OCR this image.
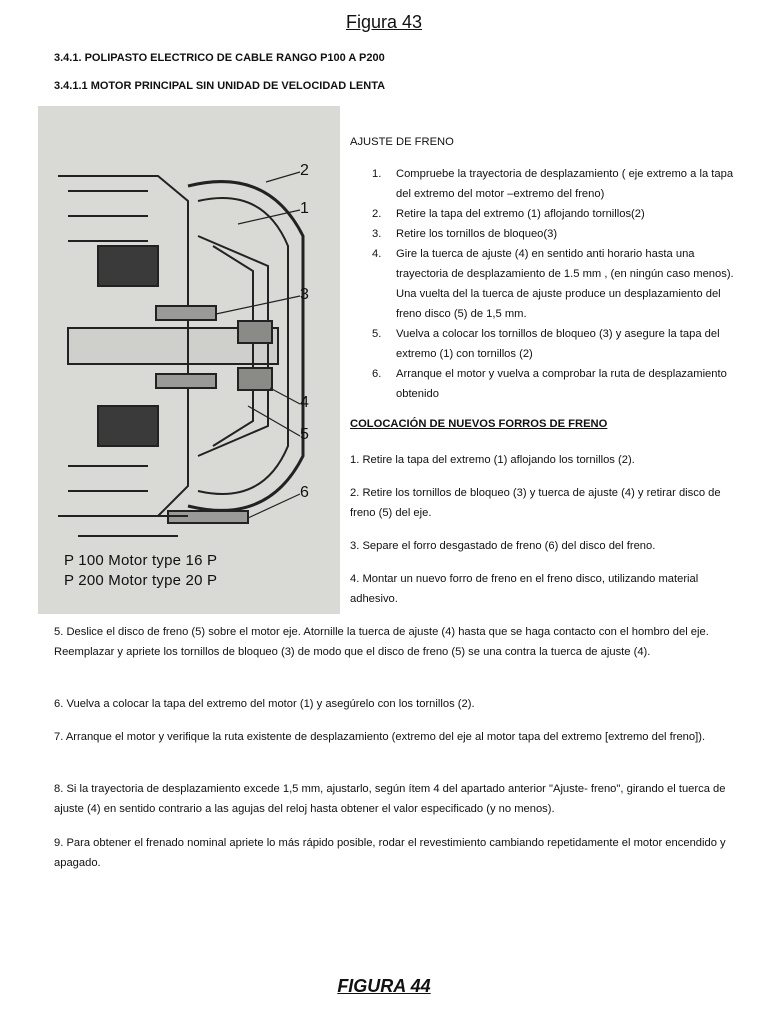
Figura 43
3.4.1. POLIPASTO ELECTRICO DE CABLE RANGO P100 A P200
3.4.1.1 MOTOR PRINCIPAL SIN UNIDAD DE VELOCIDAD LENTA
2
1
3
4
5
6
P 100 Motor type 16 P
P 200 Motor type 20 P
AJUSTE DE FRENO
1. Compruebe la trayectoria de desplazamiento ( eje extremo a la tapa del extremo del motor –extremo del freno)
2. Retire la tapa del extremo (1) aflojando tornillos(2)
3. Retire los tornillos de bloqueo(3)
4. Gire la tuerca de ajuste (4) en sentido anti horario hasta una trayectoria de desplazamiento de 1.5 mm , (en ningún caso menos). Una vuelta del la tuerca de ajuste produce un desplazamiento del freno disco (5) de 1,5 mm.
5. Vuelva a colocar los tornillos de bloqueo (3) y asegure la tapa del extremo (1) con tornillos (2)
6. Arranque el motor y vuelva a comprobar la ruta de desplazamiento obtenido
COLOCACIÓN DE NUEVOS FORROS DE FRENO
1. Retire la tapa del extremo (1) aflojando los tornillos (2).
2. Retire los tornillos de bloqueo (3) y tuerca de ajuste (4) y retirar disco de freno (5) del eje.
3. Separe el forro desgastado de freno (6) del disco del freno.
4. Montar un nuevo forro de freno en el freno disco, utilizando material adhesivo.
5. Deslice el disco de freno (5) sobre el motor eje. Atornille la tuerca de ajuste (4) hasta que se haga contacto con el hombro del eje. Reemplazar y apriete los tornillos de bloqueo (3) de modo que el disco de freno (5) se una contra la tuerca de ajuste (4).
6. Vuelva a colocar la tapa del extremo del motor (1) y asegúrelo con los tornillos (2).
7. Arranque el motor y verifique la ruta existente de desplazamiento (extremo del eje al motor tapa del extremo [extremo del freno]).
8. Si la trayectoria de desplazamiento excede 1,5 mm, ajustarlo, según ítem 4 del apartado anterior "Ajuste- freno", girando el tuerca de ajuste (4) en sentido contrario a las agujas del reloj hasta obtener el valor especificado (y no menos).
9. Para obtener el frenado nominal apriete lo más rápido posible, rodar el revestimiento cambiando repetidamente el motor encendido y apagado.
FIGURA 44
